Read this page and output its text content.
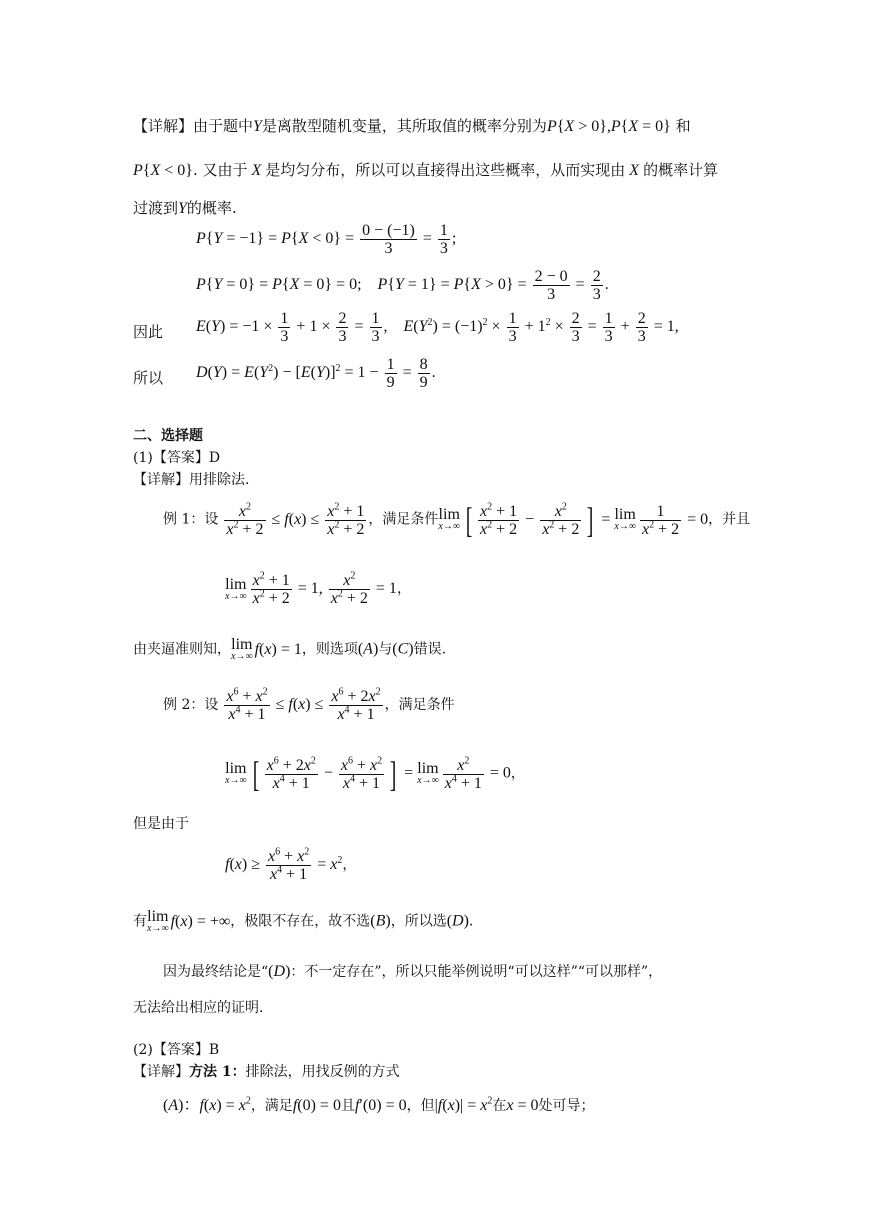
【详解】由于题中Y是离散型随机变量，其所取值的概率分别为P{X > 0},P{X = 0} 和
P{X < 0}. 又由于 X 是均匀分布，所以可以直接得出这些概率，从而实现由 X 的概率计算
过渡到Y的概率.
$P\{Y = -1\} = P\{X < 0\} = \frac{0 - (-1)}{3} = \frac{1}{3}$ ;
P{Y = 0} = P{X = 0} = 0;    $P\{Y = 1\} = P\{X > 0\} = \frac{2 - 0}{3} = \frac{2}{3}$ .
因此 $E(Y) = -1 \times \frac{1}{3} + 1 \times \frac{2}{3} = \frac{1}{3}$ ,    $E(Y^2) = (-1)^2 \times \frac{1}{3} + 1^2 \times \frac{2}{3} = \frac{1}{3} + \frac{2}{3} = 1$,
所以 $D(Y) = E(Y^2) - [E(Y)]^2 = 1 - \frac{1}{9} = \frac{8}{9}$ .
二、选择题
(1)【答案】D
【详解】用排除法.
例 1：设 $\frac{x^2}{x^2 + 2} \le f(x) \le \frac{x^2 + 1}{x^2 + 2}$ ，满足条件lim
x→∞ [ $\frac{x^2 + 1}{x^2 + 2} - \frac{x^2}{x^2 + 2}$ ] = lim
$x\to\infty \frac{1}{x^2 + 2} = 0$，并且
lim
$x\to\infty \frac{x^2 + 1}{x^2 + 2} = 1$, $\frac{x^2}{x^2 + 2} = 1$，
由夹逼准则知，lim
x→∞ f(x) = 1，则选项(A)与(C)错误.
例 2：设 $\frac{x^6 + x^2}{x^4 + 1} \le f(x) \le \frac{x^6 + 2x^2}{x^4 + 1}$ ，满足条件
lim
x→∞ [ $\frac{x^6 + 2x^2}{x^4 + 1} - \frac{x^6 + x^2}{x^4 + 1}$ ] = lim
$x\to\infty \frac{x^2}{x^4 + 1} = 0$，
但是由于
$f(x) \ge \frac{x^6 + x^2}{x^4 + 1} = x^2$，
有lim
x→∞ f(x) = +∞，极限不存在，故不选(B)，所以选(D).
因为最终结论是“(D)：不一定存在”，所以只能举例说明“可以这样”“可以那样”，
无法给出相应的证明.
(2)【答案】B
【详解】方法 1：排除法，用找反例的方式
(A)：$f(x) = x^2$，满足f(0) = 0且f′(0) = 0，但$|f(x)| = x^2$在x = 0处可导；
